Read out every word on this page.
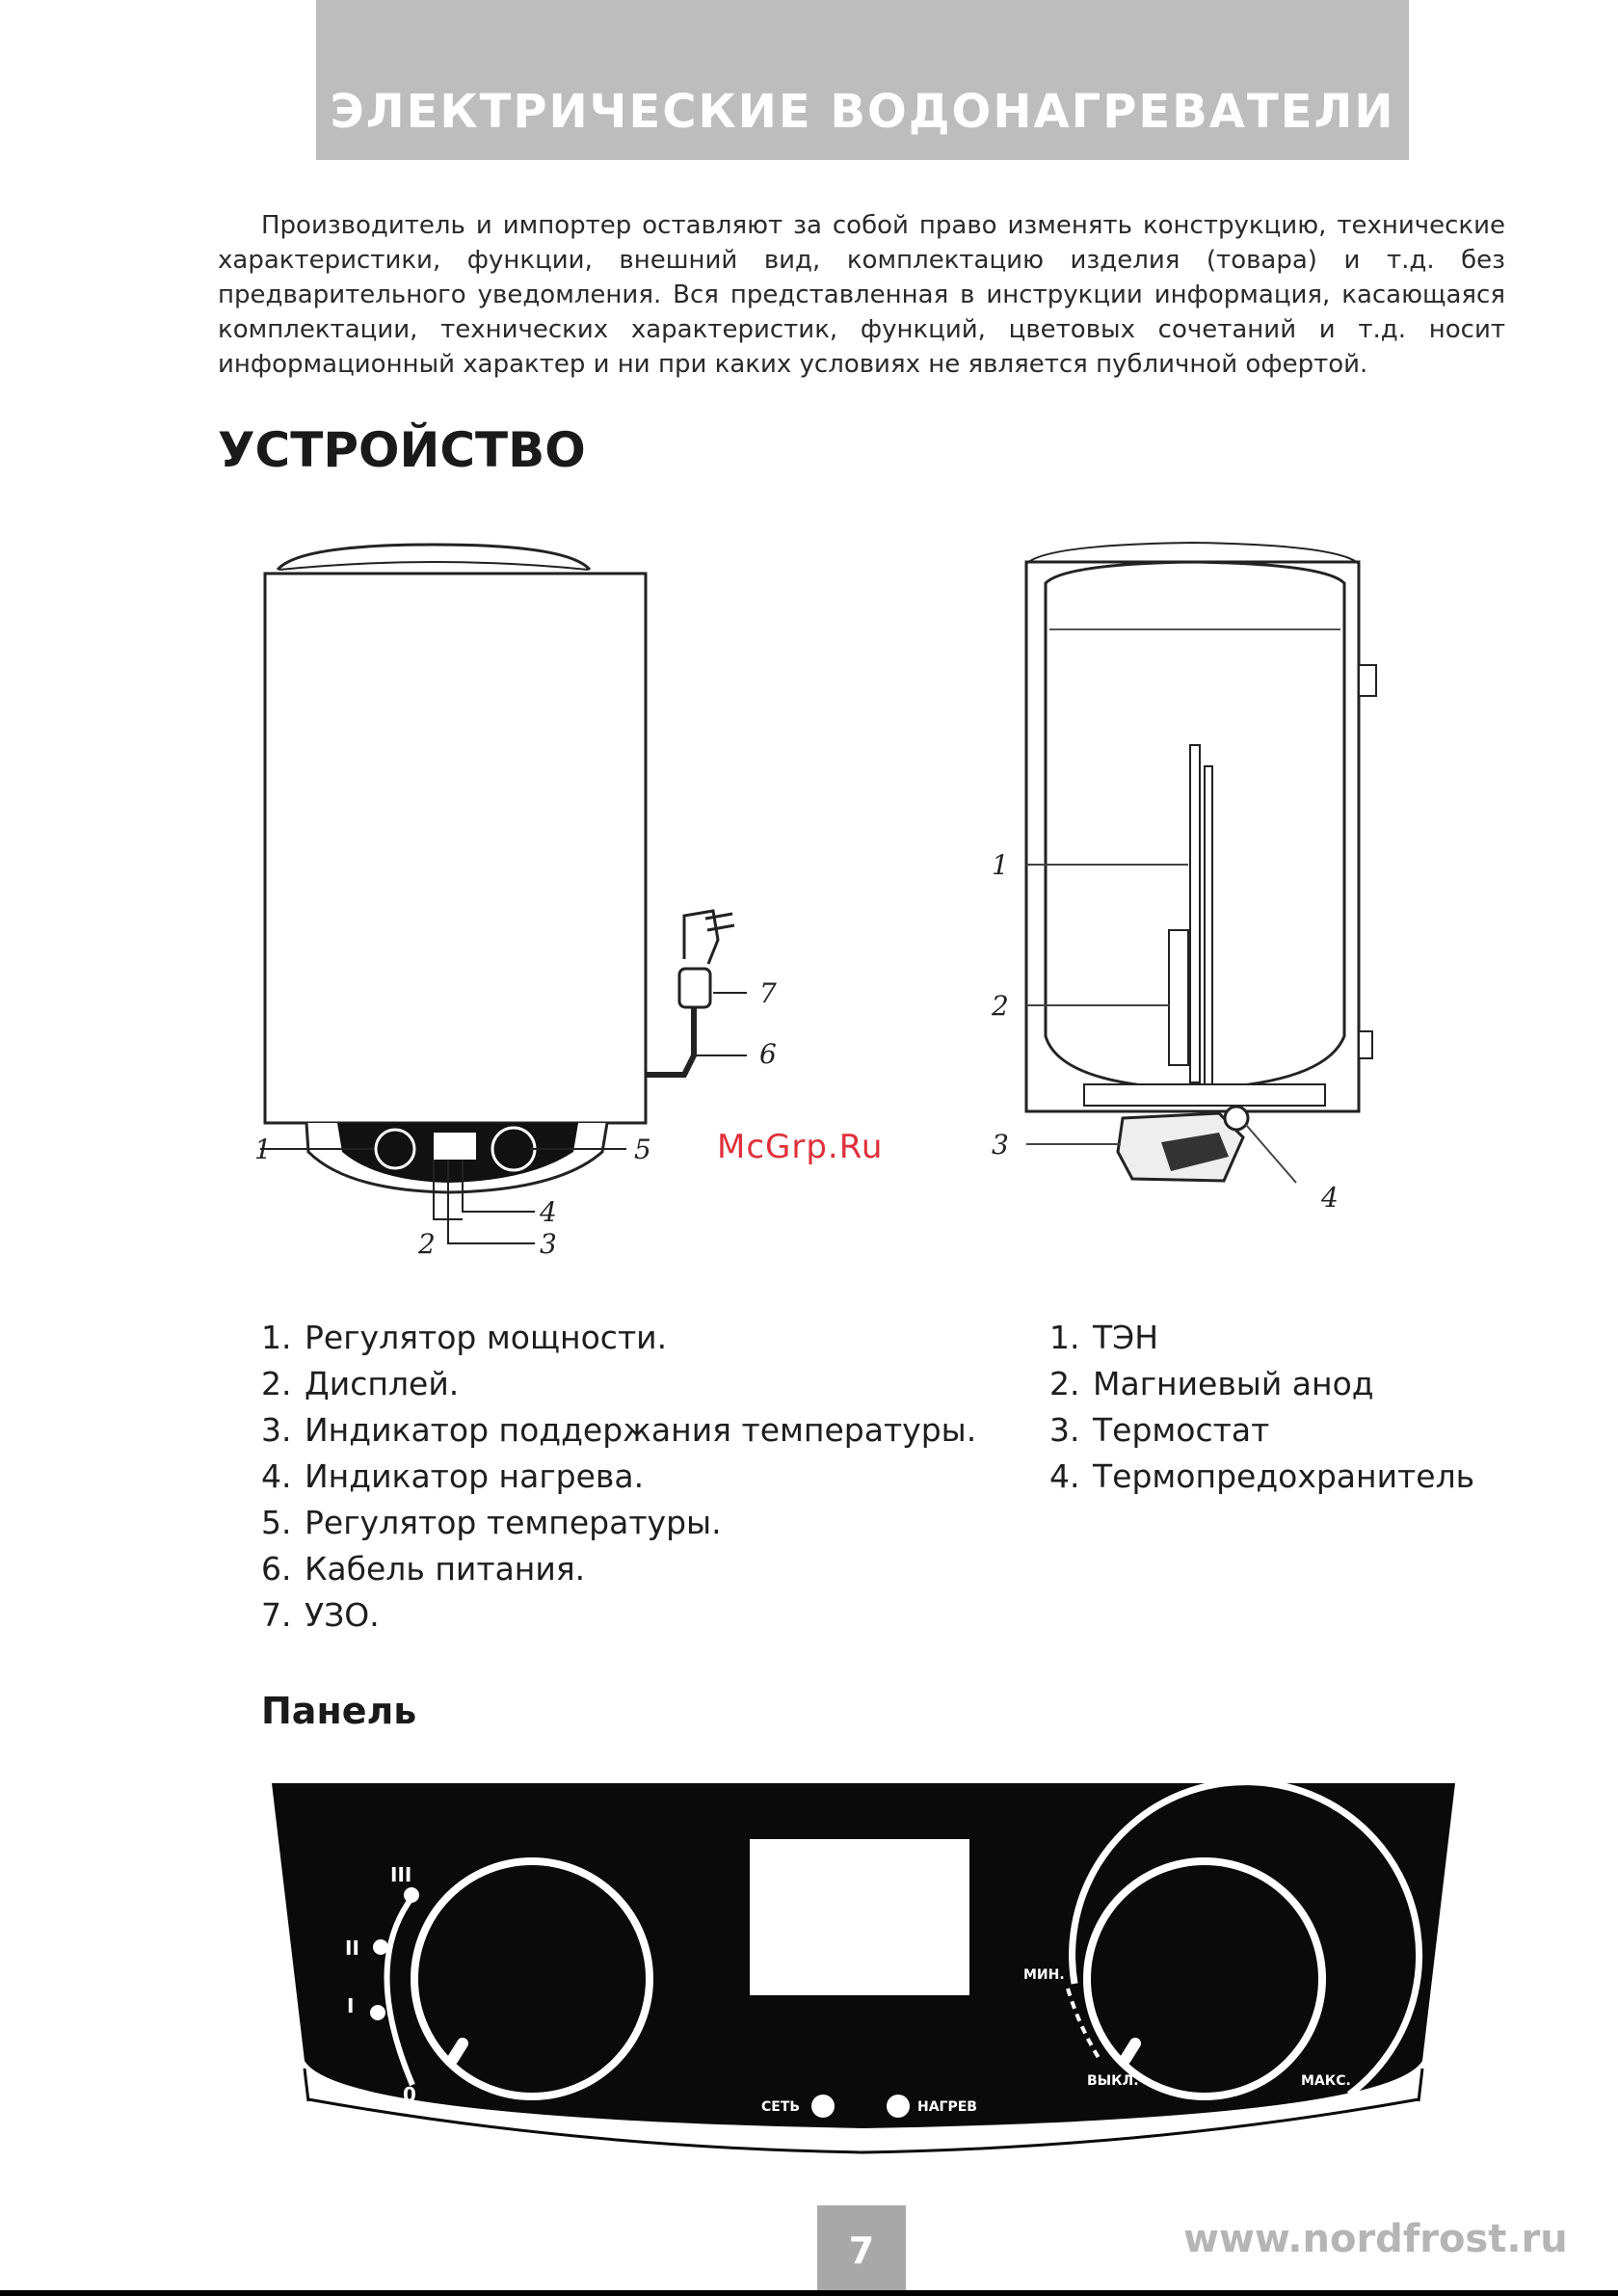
ЭЛЕКТРИЧЕСКИЕ ВОДОНАГРЕВАТЕЛИ

Производитель и импортер оставляют за собой право изменять конструкцию, технические характеристики, функции, внешний вид, комплектацию изделия (товара) и т.д. без предварительного уведомления. Вся представленная в инструкции информация, касающаяся комплектации, технических характеристик, функций, цветовых сочетаний и т.д. носит информационный характер и ни при каких условиях не является публичной офертой.

УСТРОЙСТВО
1
2	3
4
5
6
7
McGrp.Ru
1
2
3
4
1. Регулятор мощности.
2. Дисплей.
3. Индикатор поддержания температуры.
4. Индикатор нагрева.
5. Регулятор температуры.
6. Кабель питания.
7. УЗО.
1. ТЭН
2. Магниевый анод
3. Термостат
4. Термопредохранитель
Панель
III
II
I
0
СЕТЬ	НАГРЕВ
МИН.
ВЫКЛ.	МАКС.
7	www.nordfrost.ru
